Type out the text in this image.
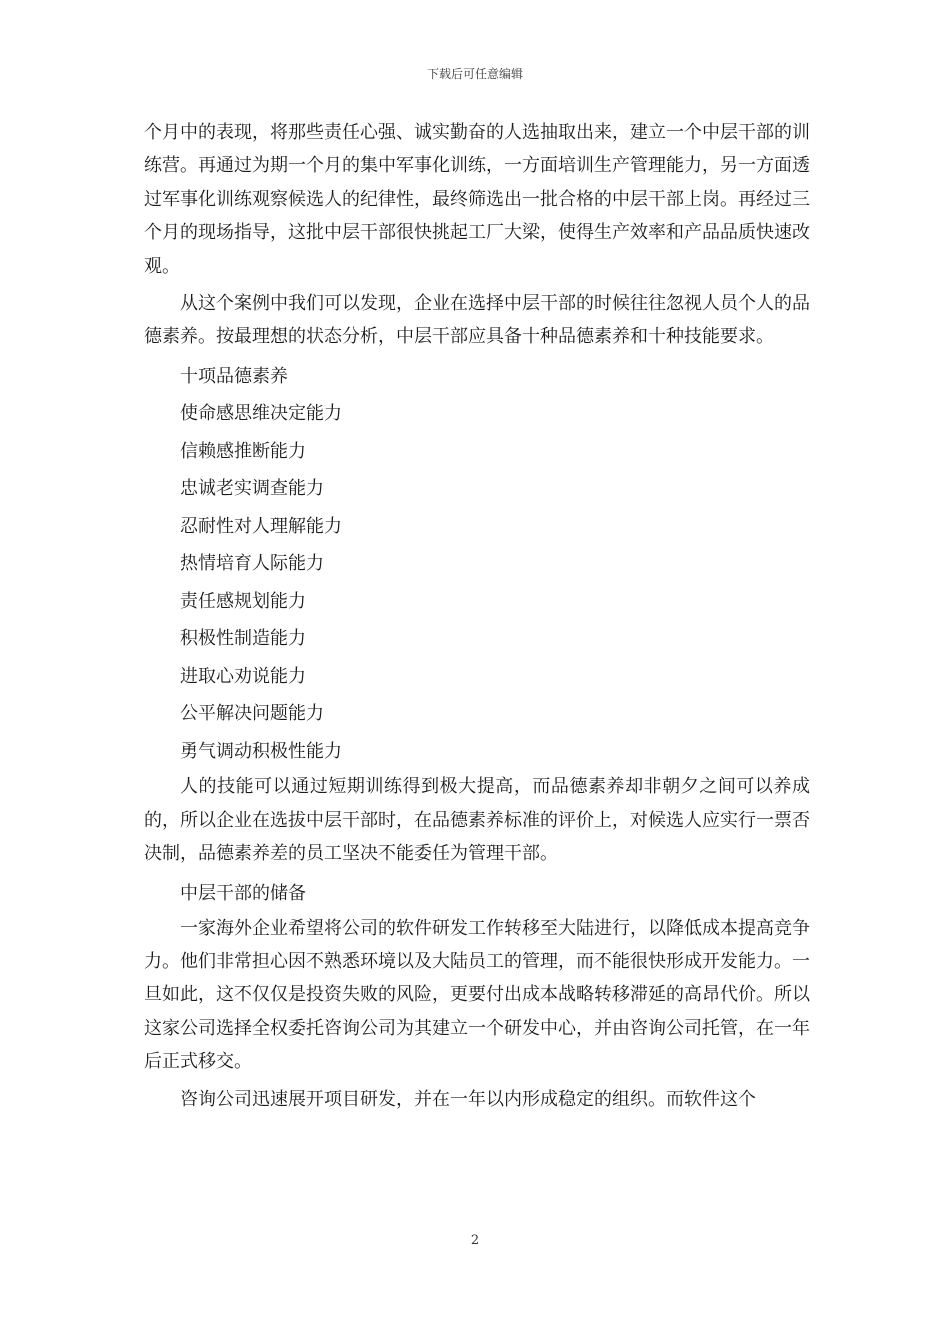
下载后可任意编辑

个月中的表现，将那些责任心强、诚实勤奋的人选抽取出来，建立一个中层干部的训练营。再通过为期一个月的集中军事化训练，一方面培训生产管理能力，另一方面透过军事化训练观察候选人的纪律性，最终筛选出一批合格的中层干部上岗。再经过三个月的现场指导，这批中层干部很快挑起工厂大梁，使得生产效率和产品品质快速改观。

从这个案例中我们可以发现，企业在选择中层干部的时候往往忽视人员个人的品德素养。按最理想的状态分析，中层干部应具备十种品德素养和十种技能要求。

十项品德素养

使命感思维决定能力

信赖感推断能力

忠诚老实调查能力

忍耐性对人理解能力

热情培育人际能力

责任感规划能力

积极性制造能力

进取心劝说能力

公平解决问题能力

勇气调动积极性能力

人的技能可以通过短期训练得到极大提高，而品德素养却非朝夕之间可以养成的，所以企业在选拔中层干部时，在品德素养标准的评价上，对候选人应实行一票否决制，品德素养差的员工坚决不能委任为管理干部。

中层干部的储备

一家海外企业希望将公司的软件研发工作转移至大陆进行，以降低成本提高竞争力。他们非常担心因不熟悉环境以及大陆员工的管理，而不能很快形成开发能力。一旦如此，这不仅仅是投资失败的风险，更要付出成本战略转移滞延的高昂代价。所以这家公司选择全权委托咨询公司为其建立一个研发中心，并由咨询公司托管，在一年后正式移交。

咨询公司迅速展开项目研发，并在一年以内形成稳定的组织。而软件这个

2
